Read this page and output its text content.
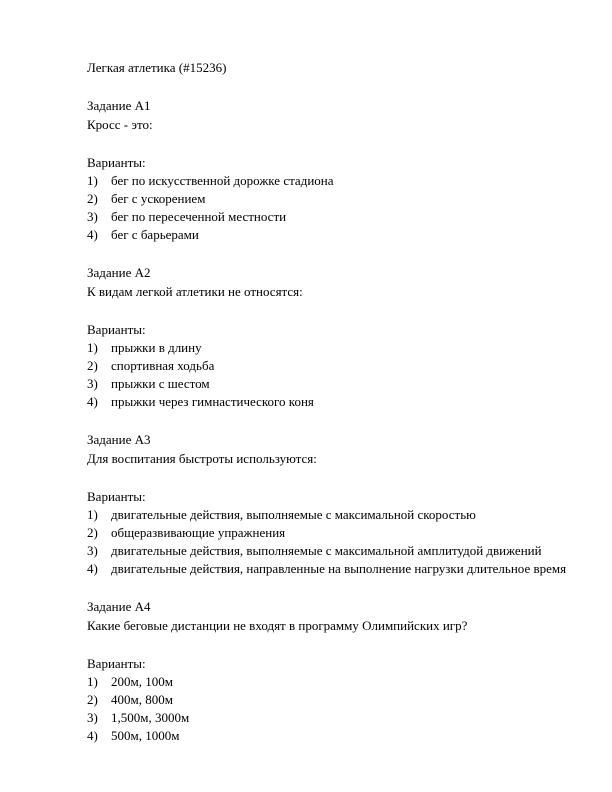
Легкая атлетика (#15236)
Задание A1
Кросс - это:
Варианты:
1) бег по искусственной дорожке стадиона
2) бег с ускорением
3) бег по пересеченной местности
4) бег с барьерами
Задание A2
К видам легкой атлетики не относятся:
Варианты:
1) прыжки в длину
2) спортивная ходьба
3) прыжки с шестом
4) прыжки через гимнастического коня
Задание A3
Для воспитания быстроты используются:
Варианты:
1) двигательные действия, выполняемые с максимальной скоростью
2) общеразвивающие упражнения
3) двигательные действия, выполняемые с максимальной амплитудой движений
4) двигательные действия, направленные на выполнение нагрузки длительное время
Задание A4
Какие беговые дистанции не входят в программу Олимпийских игр?
Варианты:
1) 200м, 100м
2) 400м, 800м
3) 1,500м, 3000м
4) 500м, 1000м
